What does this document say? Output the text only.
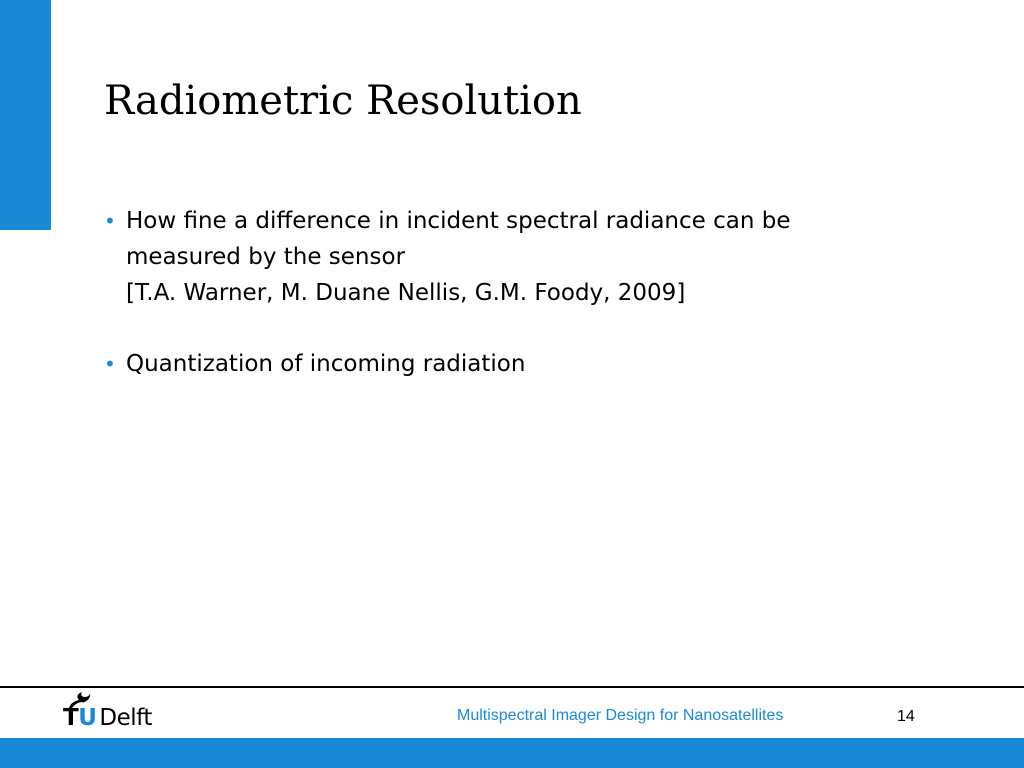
Radiometric Resolution
• How fine a difference in incident spectral radiance can be
measured by the sensor
[T.A. Warner, M. Duane Nellis, G.M. Foody, 2009]
• Quantization of incoming radiation
TU Delft	Multispectral Imager Design for Nanosatellites	14
